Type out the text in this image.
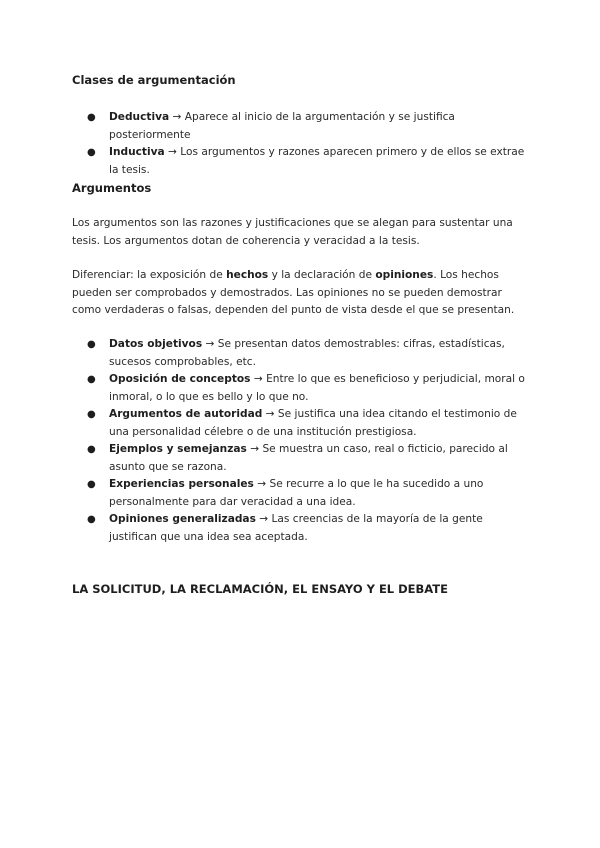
Clases de argumentación
● Deductiva → Aparece al inicio de la argumentación y se justifica posteriormente
● Inductiva → Los argumentos y razones aparecen primero y de ellos se extrae la tesis.
Argumentos

Los argumentos son las razones y justificaciones que se alegan para sustentar una tesis. Los argumentos dotan de coherencia y veracidad a la tesis.

Diferenciar: la exposición de hechos y la declaración de opiniones. Los hechos pueden ser comprobados y demostrados. Las opiniones no se pueden demostrar como verdaderas o falsas, dependen del punto de vista desde el que se presentan.

● Datos objetivos → Se presentan datos demostrables: cifras, estadísticas, sucesos comprobables, etc.
● Oposición de conceptos → Entre lo que es beneficioso y perjudicial, moral o inmoral, o lo que es bello y lo que no.
● Argumentos de autoridad → Se justifica una idea citando el testimonio de una personalidad célebre o de una institución prestigiosa.
● Ejemplos y semejanzas → Se muestra un caso, real o ficticio, parecido al asunto que se razona.
● Experiencias personales → Se recurre a lo que le ha sucedido a uno personalmente para dar veracidad a una idea.
● Opiniones generalizadas → Las creencias de la mayoría de la gente justifican que una idea sea aceptada.
LA SOLICITUD, LA RECLAMACIÓN, EL ENSAYO Y EL DEBATE
